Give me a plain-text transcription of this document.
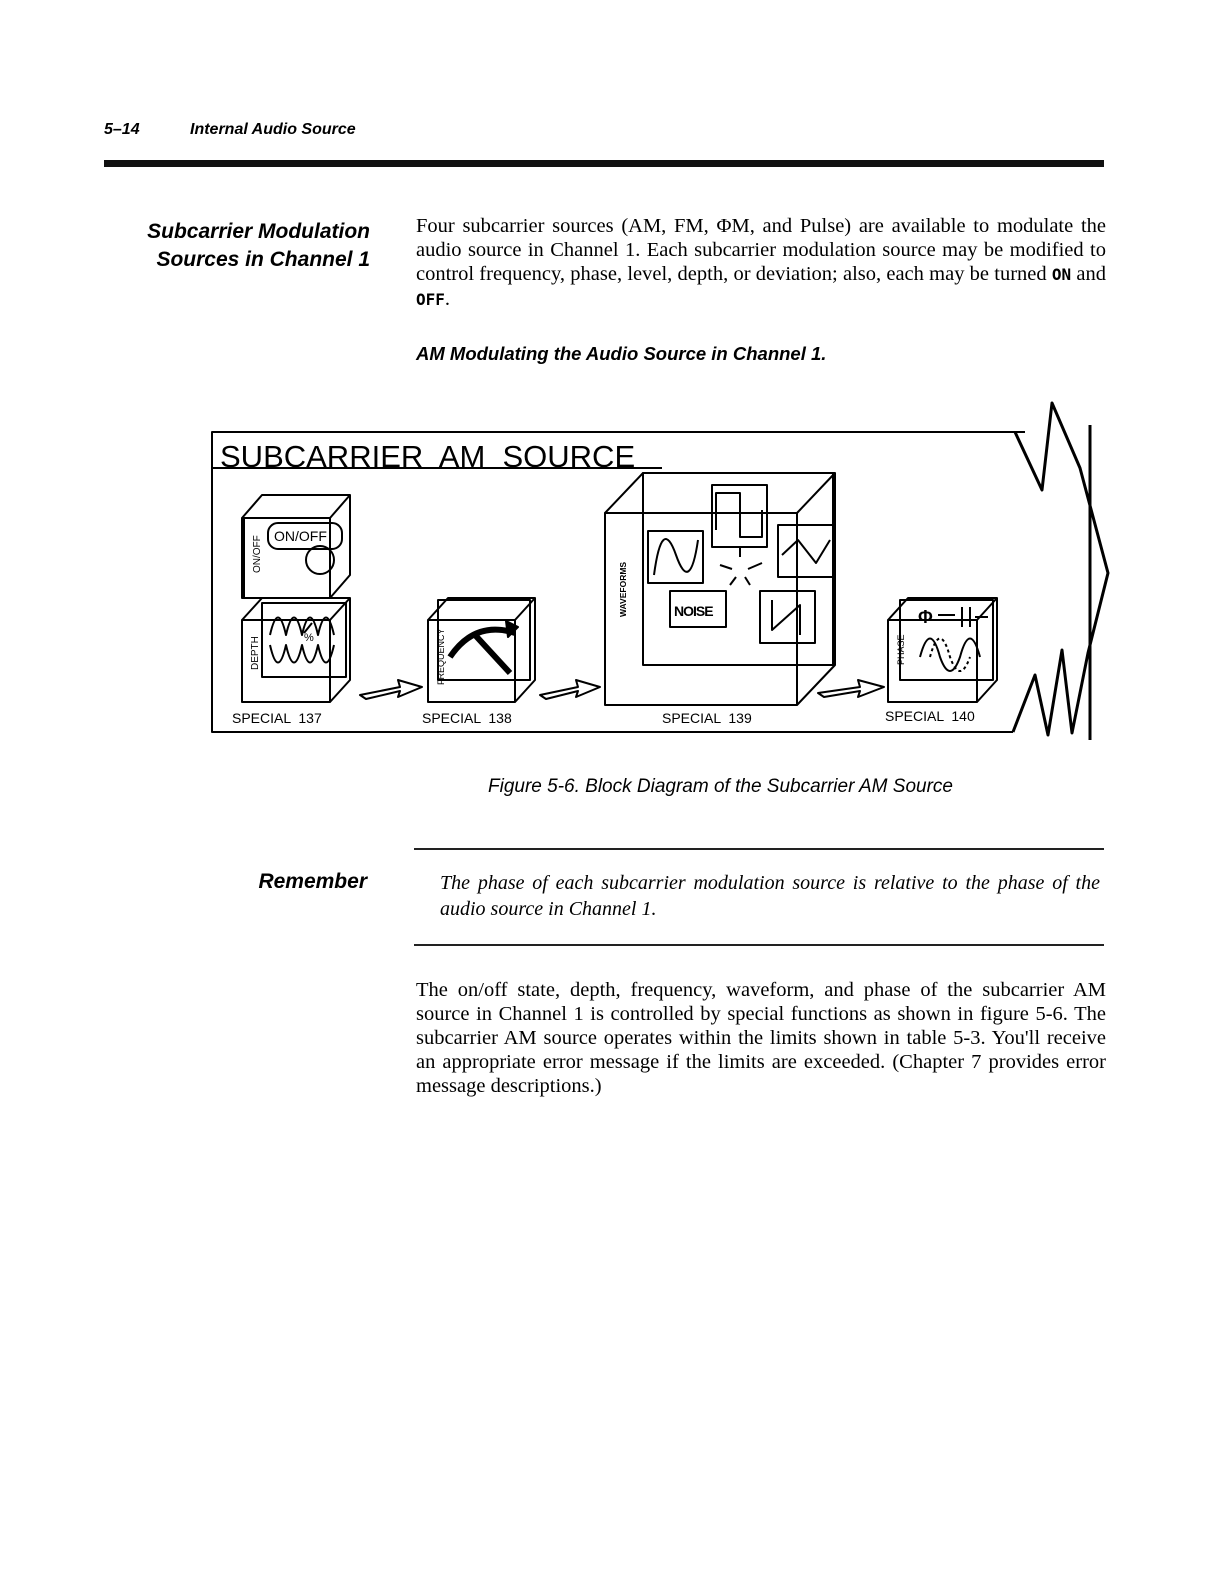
5–14	Internal Audio Source
Subcarrier Modulation
Sources in Channel 1
Four subcarrier sources (AM, FM, ΦM, and Pulse) are available to modulate the audio source in Channel 1. Each subcarrier modulation source may be modified to control frequency, phase, level, depth, or deviation; also, each may be turned ON and OFF.
AM Modulating the Audio Source in Channel 1.
SUBCARRIER  AM  SOURCE
ON/OFF ON/OFF
DEPTH	%	FREQUENCY
WAVEFORMS	NOISE
PHASE
Φ
SPECIAL  137	SPECIAL  138	SPECIAL  139	SPECIAL  140
Figure 5-6. Block Diagram of the Subcarrier AM Source
Remember	The phase of each subcarrier modulation source is relative to the phase of the audio source in Channel 1.
The on/off state, depth, frequency, waveform, and phase of the subcarrier AM source in Channel 1 is controlled by special functions as shown in figure 5-6. The subcarrier AM source operates within the limits shown in table 5-3. You'll receive an appropriate error message if the limits are exceeded. (Chapter 7 provides error message descriptions.)
